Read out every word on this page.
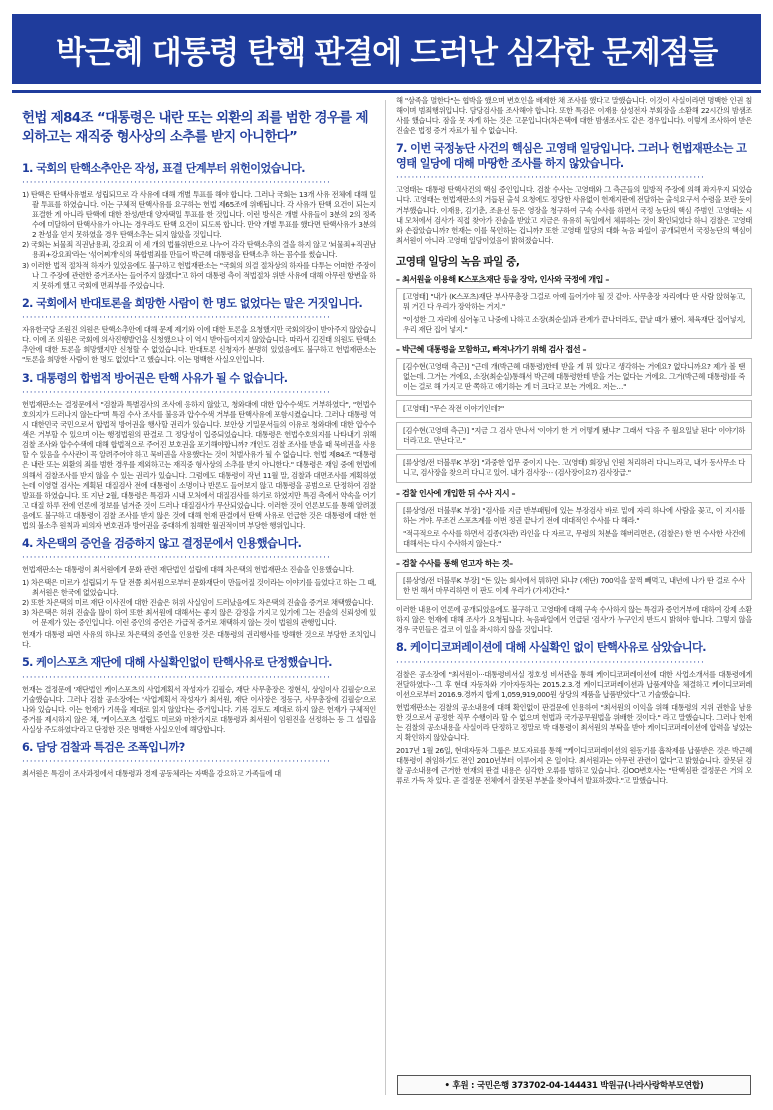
박근혜 대통령 탄핵 판결에 드러난 심각한 문제점들
헌법 제84조 “대통령은 내란 또는 외환의 죄를 범한 경우를 제외하고는 재직중 형사상의 소추를 받지 아니한다”
1. 국회의 탄핵소추안은 작성, 표결 단계부터 위헌이었습니다.
················································································
1) 탄핵은 탄핵사유별로 성립되므로 각 사유에 대해 개별 투표를 해야 합니다. 그러나 국회는 13개 사유 전체에 대해 일괄 투표를 하였습니다. 이는 구체적 탄핵사유를 요구하는 헌법 제65조에 위배됩니다. 각 사유가 탄핵 요건이 되는지 표결한 게 아니라 탄핵에 대한 찬성/반대 양자택일 투표를 한 것입니다. 이런 방식은 개별 사유들이 3분의 2의 정족수에 미달하여 탄핵사유가 아니는 경우라도 탄핵 요건이 되도록 합니다. 만약 개별 투표를 했다면 탄핵사유가 3분의 2 찬성을 얻지 못하였을 경우 탄핵소추는 되지 않았을 것입니다.
2) 국회는 뇌물죄 직권남용죄, 강요죄 이 세 개의 법률위반으로 나누어 각각 탄핵소추의 결을 하지 않고 '뇌물죄+직권남용죄+강요죄'라는 '섞어찌개'식의 복합범죄를 만들어 박근혜 대통령을 탄핵소추 하는 꼼수를 썼습니다.
3) 이러한 법적 절차적 하자가 있었음에도 불구하고 헌법재판소는 "국회의 의결 절차상의 하자를 다투는 어떠한 주장이나 그 주장에 관련한 증거조사는 들어주지 않겠다"고 하여 대통령 측이 적법절차 위반 사유에 대해 아무런 항변을 하지 못하게 했고 국회에 면죄부를 주었습니다.
2. 국회에서 반대토론을 희망한 사람이 한 명도 없었다는 말은 거짓입니다.
················································································

자유한국당 조원진 의원은 탄핵소추안에 대해 문제 제기와 이에 대한 토론을 요청했지만 국회의장이 받아주지 않았습니다. 이에 조 의원은 국회에 의사진행발언을 신청했으나 이 역시 받아들여지지 않았습니다. 따라서 김진태 의원도 탄핵소추안에 대한 토론을 희망했지만 신청할 수 없었습니다. 반대토론 신청자가 분명히 있었음에도 불구하고 헌법재판소는 "토론을 희망한 사람이 한 명도 없었다"고 했습니다. 이는 명백한 사실오인입니다.

3. 대통령의 합법적 방어권은 탄핵 사유가 될 수 없습니다.
················································································

헌법재판소는 결정문에서 "검찰과 특별검사의 조사에 응하지 않았고, 청와대에 대한 압수수색도 거부하였다", "헌법수호의지가 드러나지 않는다"며 특검 수사 조사를 불응과 압수수색 거부를 탄핵사유에 포함시켰습니다. 그러나 대통령 역시 대한민국 국민으로서 합법적 방어권을 행사할 권리가 있습니다. 보안상 기밀문서들의 이유로 청와대에 대한 압수수색은 거부할 수 있으며 이는 행정법원의 판결로 그 정당성이 입증되었습니다. 대통령은 헌법수호의지를 나타내기 위해 검찰 조사와 압수수색에 대해 합법적으로 주어진 보호권을 포기해야합니까? 개인도 검찰 조사를 받을 때 묵비권을 사용할 수 있음을 수사관이 꼭 알려주어야 하고 묵비권을 사용했다는 것이 처벌사유가 될 수 없습니다. 헌법 제84조 "대통령은 내란 또는 외환의 죄를 범한 경우를 제외하고는 재직중 형사상의 소추를 받지 아니한다." 대통령은 재임 중에 헌법에 의해서 검찰조사를 받지 않을 수 있는 권리가 있습니다. 그럼에도 대통령이 작년 11월 말, 검찰과 대면조사를 계획하였는데 이영렬 검사는 계획된 대질검사 전에 대통령이 소명이나 반론도 들어보지 않고 대통령을 공범으로 단정하여 검찰 발표를 하였습니다. 또 지난 2월, 대통령은 특검과 시내 모처에서 대질검사를 하기로 하였지만 특검 측에서 약속을 어기고 대질 하루 전에 언론에 정보를 넘겨준 것이 드러나 대질검사가 무산되었습니다. 이러한 것이 언론보도를 통해 알려졌음에도 불구하고 대통령이 검찰 조사를 받지 않은 것에 대해 헌재 판결에서 탄핵 사유로 언급한 것은 대통령에 대한 헌법의 불소추 원칙과 피의자 변호권과 방어권을 중대하게 침해한 월권적이며 부당한 행위입니다.

4. 차은택의 증언을 검증하지 않고 결정문에서 인용했습니다.
················································································

헌법재판소는 대통령이 최서원에게 문화 관련 재단법인 설립에 대해 차은택의 헌법재판소 진술을 인용했습니다.

1) 차은택은 미르가 설립되기 두 달 전쯤 최서원으로부터 문화재단이 만들어질 것이라는 이야기를 들었다고 하는 그 때, 최서원은 한국에 없었습니다.
2) 또한 차은택의 미르 재단 이사진에 대한 진술은 허위 사실임이 드러났음에도 차은택의 진술을 증거로 채택했습니다.
3) 차은택은 허위 진술을 많이 하여 또한 최서원에 대해서는 좋지 않은 감정을 가지고 있기에 그는 진술의 신뢰성에 있어 문제가 있는 증인입니다. 이런 증인의 증언은 가급적 증거로 채택하지 않는 것이 법원의 관행입니다.

헌재가 대통령 파면 사유의 하나로 차은택의 증언을 인용한 것은 대통령의 권리행사를 방해한 것으로 부당한 조치입니다.

5. 케이스포츠 재단에 대해 사실확인없이 탄핵사유로 단정했습니다.
················································································

헌재는 결정문에 '재단법인 케이스포츠의 사업계획서 작성자가 김필승, 재단 사무총장은 정현식, 상임이사 김필승'으로 기술했습니다. 그러나 검찰 공소장에는 '사업계획서 작성자가 최서원, 재단 이사장은 정동구, 사무총장에 김필승'으로 나와 있습니다. 이는 헌재가 기록을 제대로 읽지 않았다는 증거입니다. 기록 검토도 제대로 하지 않은 헌재가 구체적인 증거를 제시하지 않은 채, '케이스포츠 설립도 미르와 마찬가지로 대통령과 최서원이 임원진을 선정하는 등 그 설립을 사실상 주도하였다'라고 단정한 것은 명백한 사실오인에 해당합니다.

6. 담당 검찰과 특검은 조폭입니까?
················································································

최서원은 특검이 조사과정에서 대통령과 경제 공동체라는 자백을 강요하고 가족들에 대

해 "삼족을 멸한다"는 협박을 했으며 변호인을 배제한 채 조사를 했다고 말했습니다. 이것이 사실이라면 명백한 인권 침해이며 범죄행위입니다. 담당검사를 조사해야 합니다. 또한 특검은 이재용 삼성전자 부회장을 소환해 22시간의 밤샘조사를 했습니다. 잠을 못 자게 하는 것은 고문입니다(차은택에 대한 밤샘조사도 같은 경우입니다). 이렇게 조사하여 받은 진술은 법정 증거 자료가 될 수 없습니다.

7. 이번 국정농단 사건의 핵심은 고영태 일당입니다. 그러나 헌법재판소는 고영태 일당에 대해 마땅한 조사를 하지 않았습니다.
················································································

고영태는 대통령 탄핵사건의 핵심 증인입니다. 검찰 수사는 고영태와 그 측근들의 일방적 주장에 의해 좌지우지 되었습니다. 고영태는 헌법재판소의 거듭된 출석 요청에도 정당한 사유없이 헌재지판에 전달하는 출석요구서 수령을 보란 듯이 거부했습니다. 이재용, 김기춘, 조윤선 등은 영장을 청구하여 구속 수사를 하면서 국정 농단의 핵심 주범인 고영태는 시내 모처에서 검사가 직접 찾아가 진술을 받았고 지금은 유유히 독일에서 체류하는 것이 확인되었다 하니 검찰은 고영태와 손잡았습니까? 헌재는 이를 묵인하는 겁니까? 또한 고영태 일당의 대화 녹음 파일이 공개되면서 국정농단의 핵심이 최서원이 아니라 고영태 일당이었음이 밝혀졌습니다.

고영태 일당의 녹음 파일 중,
– 최서원을 이용해 K스포츠재단 등을 장악, 인사와 국정에 개입 –

[고영태] "내가 (K스포츠)재단 부사무총장 그걸로 아예 들어가야 될 것 같아. 사무총장 자리에다 딴 사람 앉혀놓고, 뭐 거긴 다 우리가 장악하는 거지."

"이성한 그 자리에 심어놓고 나중에 나하고 소장(최순실)과 관계가 끝나더라도, 끝날 때가 됐어. 체육재단 집어넣지, 우리 재단 집어 넣지."

– 박근혜 대통령을 모함하고, 빠져나가기 위해 검사 접선 –

[김수현(고영태 측근)] "근데 개(박근혜 대통령)한테 받을 게 뭐 있다고 생각하는 거에요? 없다니까요? 제가 볼 땐 없는데. 그거는 거에요, 소장(최순실)통해서 박근혜 대통령한테 받을 거는 없다는 거에요. 그거(박근혜 대통령)를 죽이는 걸로 해 가지고 딴 쪽하고 얘기하는 게 더 크다고 보는 거에요. 저는…"

[고영태] "무슨 작전 이야기인데?"

[김수현(고영태 측근)] "지금 그 검사 만나서 '이야기 한 거 어떻게 됐냐?' 그래서 '다음 주 월요일날 된다' 이야기하더라고요. 만난다고."

[류상영/전 더블루K 부장] "과중한 업무 중이지 나는. 고(영태) 회장님 인원 처리하러 다니느라고, 내가 동사무소 다니고, 검사장을 찾으러 다니고 있어. 내가 검사장⋯ (검사장이요?) 검사장급."

– 검찰 인사에 개입한 뒤 수사 지시 –

[류상영/전 더블루K 부장] "검사를 지금 반부패팀에 있는 부장검사 바로 밑에 자리 하나에 사람을 꽂고, 이 지시를 하는 거야. 무조건 스포츠계를 이번 정권 끝나기 전에 대대적인 수사를 다 해라."

"적극적으로 수사를 하면서 김종(차관) 라인을 다 자르고, 무령의 처분을 해버리면은, (검찰은) 한 번 수사한 사건에 대해서는 다시 수사하지 않는다."

– 검찰 수사를 통해 얻고자 하는 것–

[류상영/전 더블루K 부장] "돈 있는 회사에서 뭐하면 되냐? (재단) 700억을 꿀꺽 빼먹고, 내년에 나가 딴 걸로 수사 한 번 해서 마무리하면 이 판도 이제 우리가 (가져)간다."

이러한 내용이 언론에 공개되었음에도 불구하고 고영태에 대해 구속 수사하지 않는 특검과 증언거부에 대하여 강제 소환하지 않은 헌재에 대해 조사가 요청됩니다. 녹음파일에서 언급된 '검사'가 누구인지 반드시 밝혀야 합니다. 그렇지 않을 경우 국민들은 결코 이 일을 좌시하지 않을 것입니다.

8. 케이디코퍼레이션에 대해 사실확인 없이 탄핵사유로 삼았습니다.
················································································

검찰은 공소장에 "최서원이···대통령비서실 정호성 비서관을 통해 케이디코퍼레이션에 대한 사업소개서를 대통령에게 전달하였다···그 후 현대 자동차와 기아자동차는 2015.2.3.경 케이디코퍼레이션과 납품계약을 체결하고 케이디코퍼레이션으로부터 2016.9.경까지 합계 1,059,919,000원 상당의 제품을 납품받았다"고 기술했습니다.

헌법재판소는 검찰의 공소내용에 대해 확인없이 판결문에 인용하여 "최서원의 이익을 위해 대통령의 지위 권한을 남용한 것으로서 공정한 직무 수행이라 할 수 없으며 헌법과 국가공무원법을 위배한 것이다." 라고 말했습니다. 그러나 헌재는 검찰의 공소내용을 사실이라 단정하고 정말로 박 대통령이 최서원의 부탁을 받아 케이디코퍼레이션에 압력을 넣었는지 확인하지 않았습니다.

2017년 1월 26일, 현대자동차 그룹은 보도자료를 통해 "케이디코퍼레이션의 원동기를 흡착제를 납품받은 것은 박근혜 대통령이 취임하기도 전인 2010년부터 이루어져 온 일이다. 최서원과는 아무런 관련이 없다"고 밝혔습니다. 잘못된 검찰 공소내용에 근거한 헌재의 판결 내용은 심각한 오류를 범하고 있습니다. 김OO변호사는 "탄핵심판 결정문은 거의 오류로 가득 차 있다. 곧 결정문 전체에서 잘못된 부분을 찾아내서 발표하겠다."고 말했습니다.

• 후원 : 국민은행 373702-04-144431 박원규(나라사랑학부모연합)
